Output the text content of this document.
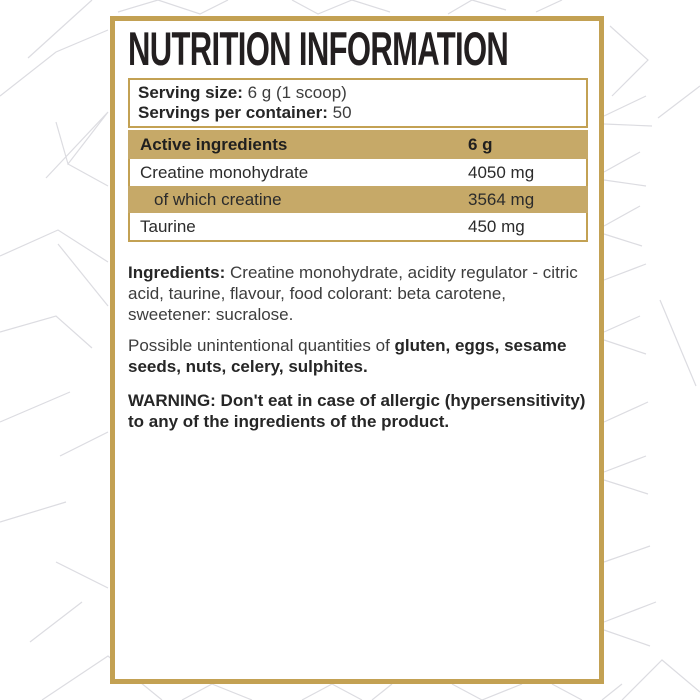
NUTRITION INFORMATION
Serving size: 6 g (1 scoop)
Servings per container: 50
Active ingredients	6 g
Creatine monohydrate	4050 mg
of which creatine	3564 mg
Taurine	450 mg

Ingredients: Creatine monohydrate, acidity regulator - citric acid, taurine, flavour, food colorant: beta carotene, sweetener: sucralose.

Possible unintentional quantities of gluten, eggs, sesame seeds, nuts, celery, sulphites.

WARNING: Don't eat in case of allergic (hypersensitivity) to any of the ingredients of the product.
